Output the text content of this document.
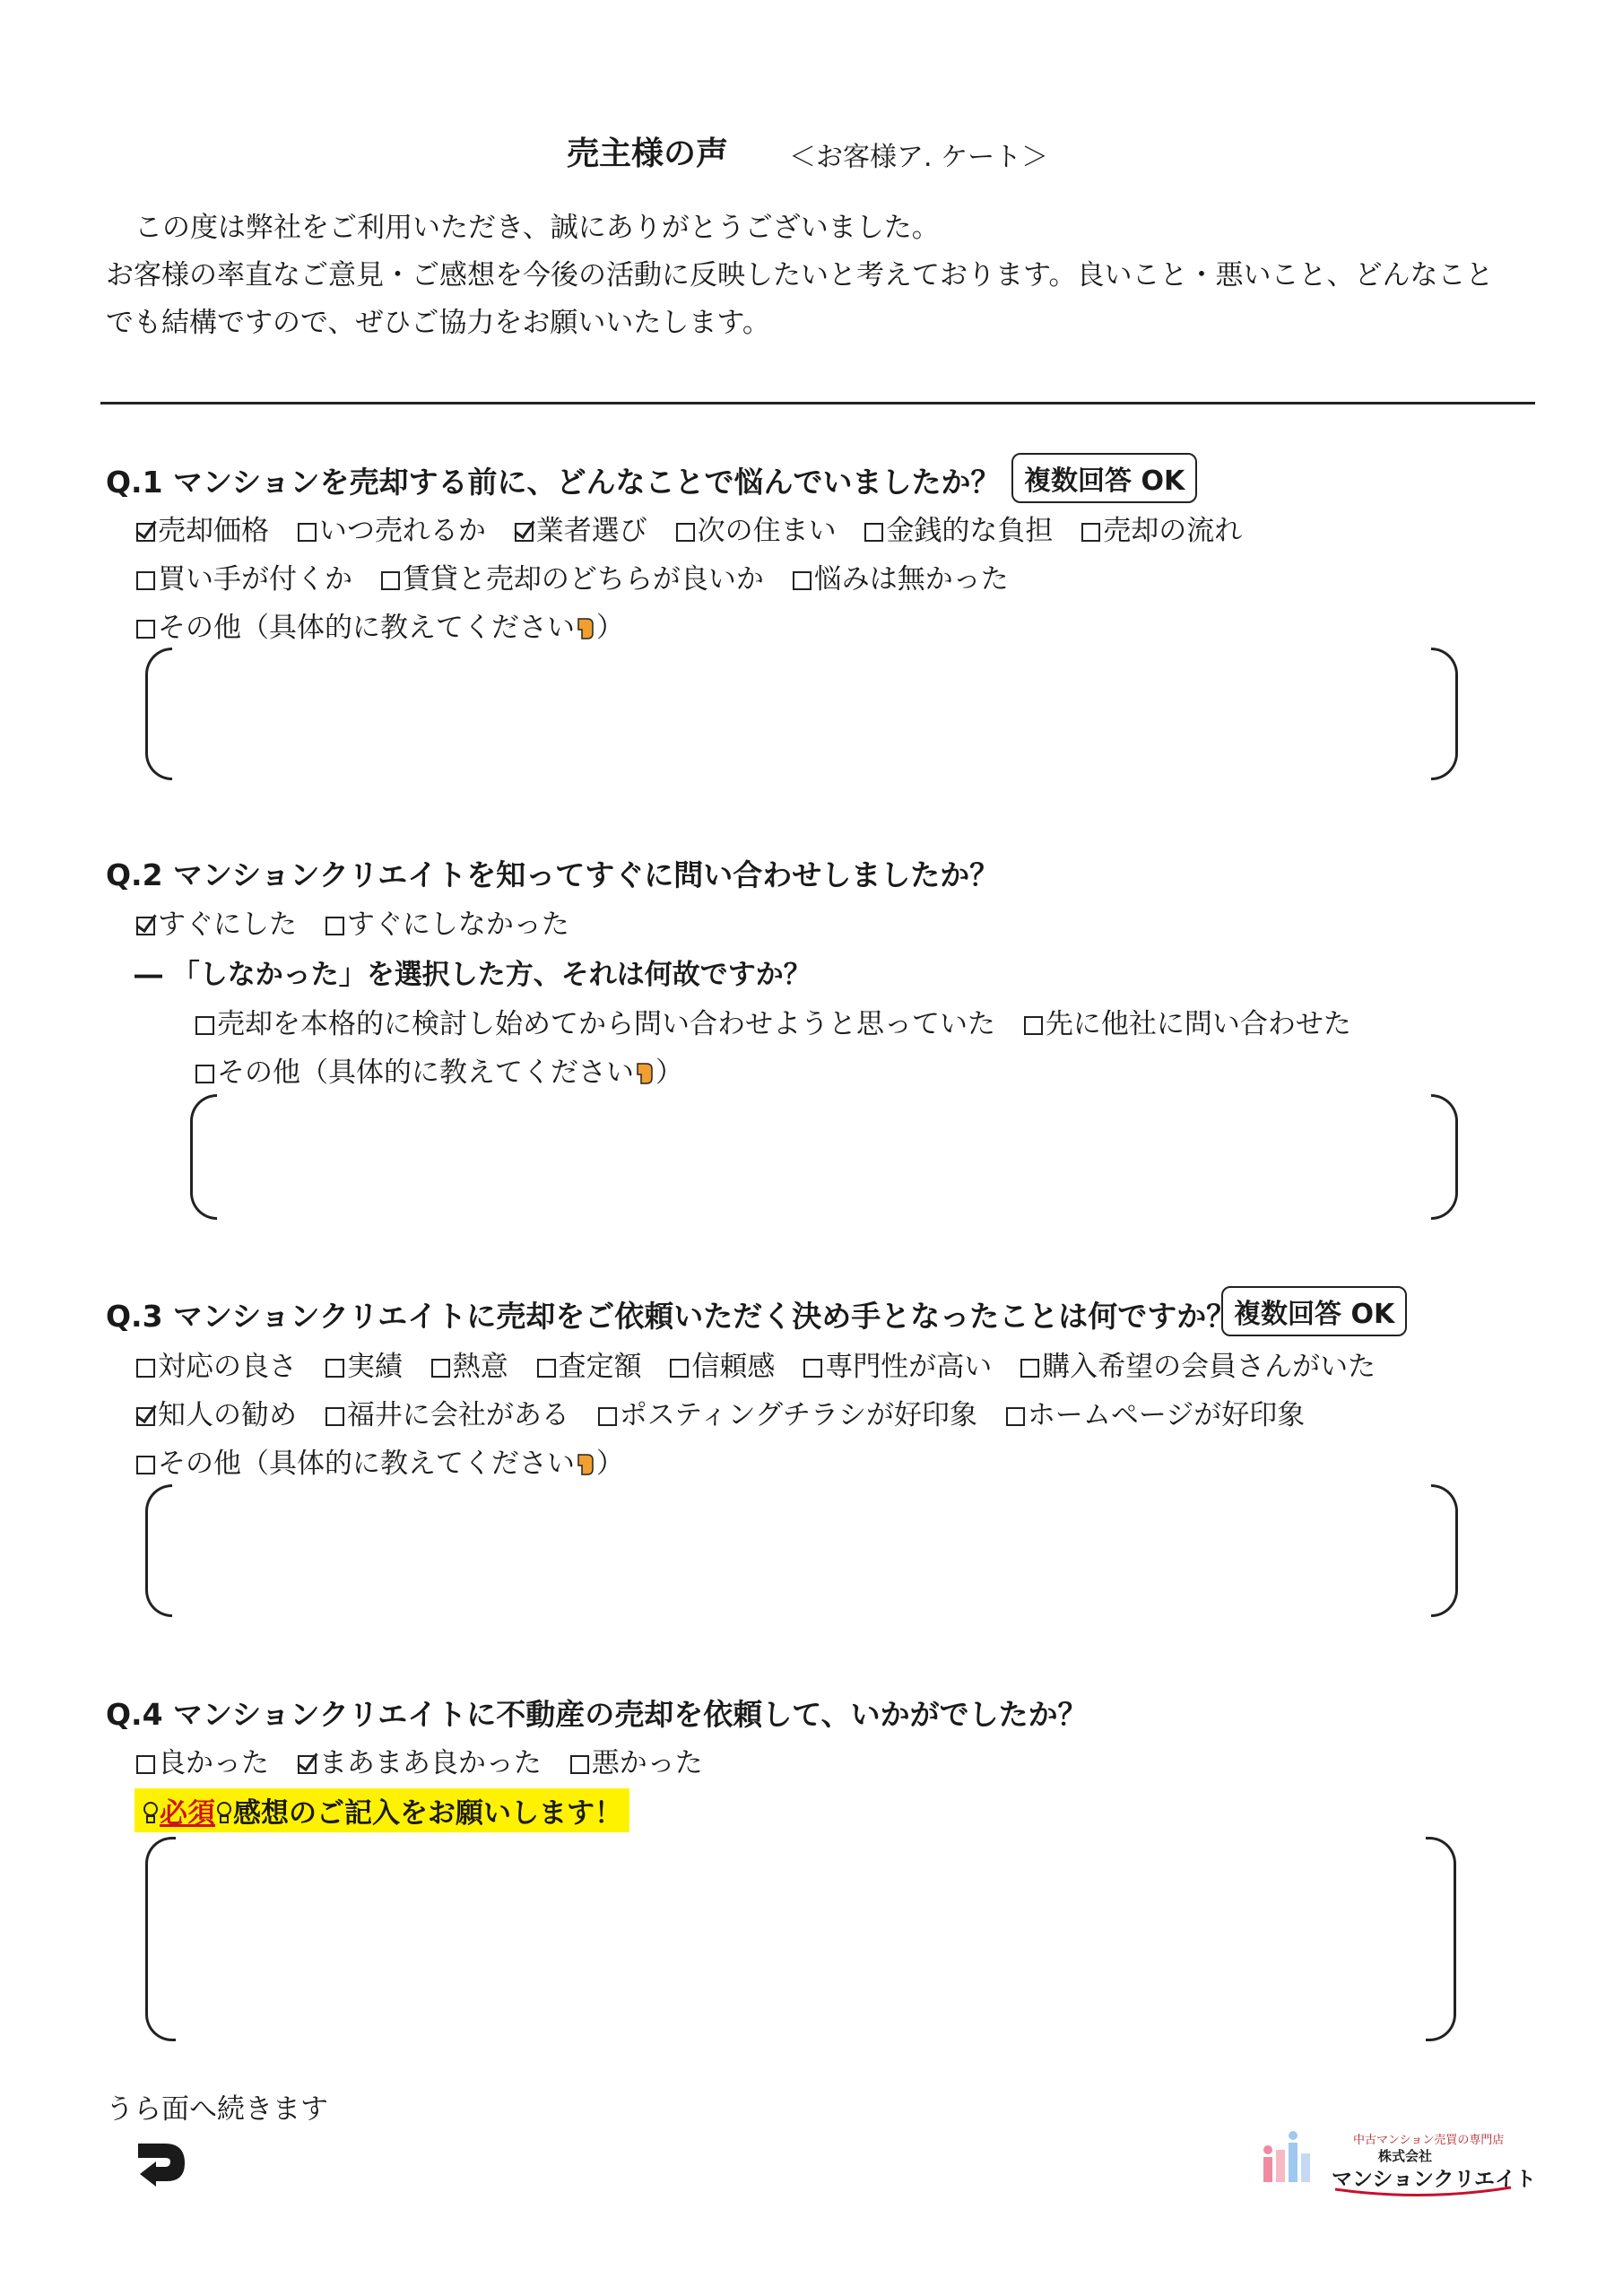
売主様の声 ＜お客様ア. ケート＞
この度は弊社をご利用いただき、誠にありがとうございました。
お客様の率直なご意見・ご感想を今後の活動に反映したいと考えております。良いこと・悪いこと、どんなこと
でも結構ですので、ぜひご協力をお願いいたします。
Q.1 マンションを売却する前に、どんなことで悩んでいましたか？ 複数回答 OK
売却価格 いつ売れるか 業者選び 次の住まい 金銭的な負担 売却の流れ
買い手が付くか 賃貸と売却のどちらが良いか 悩みは無かった
その他（具体的に教えてください ）
Q.2 マンションクリエイトを知ってすぐに問い合わせしましたか？
すぐにした すぐにしなかった
― 「しなかった」を選択した方、それは何故ですか？
売却を本格的に検討し始めてから問い合わせようと思っていた 先に他社に問い合わせた
その他（具体的に教えてください ）
Q.3 マンションクリエイトに売却をご依頼いただく決め手となったことは何ですか？
複数回答 OK
対応の良さ 実績 熱意 査定額 信頼感 専門性が高い 購入希望の会員さんがいた
知人の勧め 福井に会社がある ポスティングチラシが好印象 ホームページが好印象
その他（具体的に教えてください ）
Q.4 マンションクリエイトに不動産の売却を依頼して、いかがでしたか？
良かった まあまあ良かった 悪かった
必須 感想のご記入をお願いします！
うら面へ続きます
中古マンション売買の専門店
株式会社
マンションクリエイト
